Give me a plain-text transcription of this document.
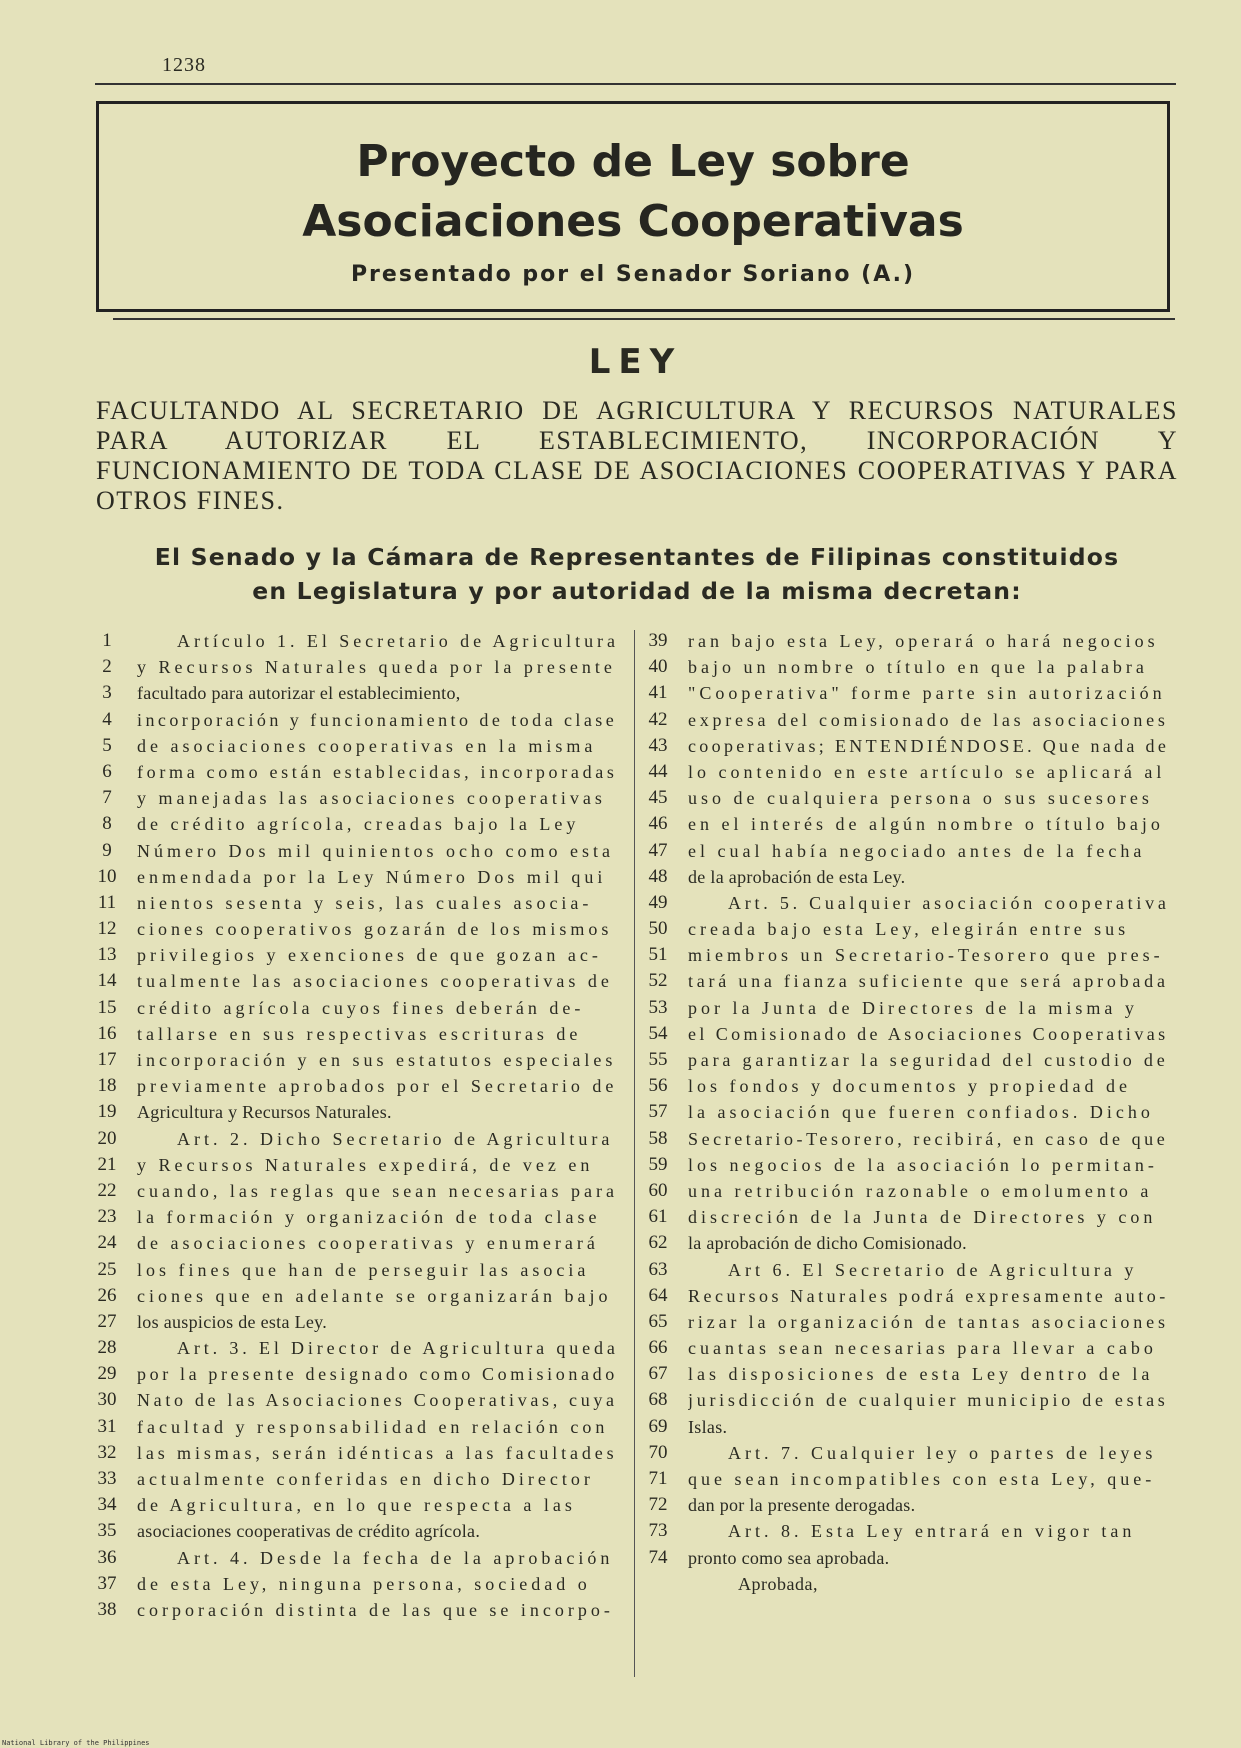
1238
Proyecto de Ley sobre
Asociaciones Cooperativas
Presentado por el Senador Soriano (A.)
LEY
FACULTANDO AL SECRETARIO DE AGRICULTURA Y RECURSOS NATURALES PARA AUTORIZAR EL ESTABLECIMIENTO, INCORPORACIÓN Y FUNCIONAMIENTO DE TODA CLASE DE ASOCIACIONES COOPERATIVAS Y PARA OTROS FINES.
El Senado y la Cámara de Representantes de Filipinas constituidos
en Legislatura y por autoridad de la misma decretan:
1	Artículo 1. El Secretario de Agricultura
2	y Recursos Naturales queda por la presente
3	facultado para autorizar el establecimiento,
4	incorporación y funcionamiento de toda clase
5	de asociaciones cooperativas en la misma
6	forma como están establecidas, incorporadas
7	y manejadas las asociaciones cooperativas
8	de crédito agrícola, creadas bajo la Ley
9	Número Dos mil quinientos ocho como esta
10	enmendada por la Ley Número Dos mil qui
11	nientos sesenta y seis, las cuales asocia-
12	ciones cooperativos gozarán de los mismos
13	privilegios y exenciones de que gozan ac-
14	tualmente las asociaciones cooperativas de
15	crédito agrícola cuyos fines deberán de-
16	tallarse en sus respectivas escrituras de
17	incorporación y en sus estatutos especiales
18	previamente aprobados por el Secretario de
19	Agricultura y Recursos Naturales.
20	Art. 2. Dicho Secretario de Agricultura
21	y Recursos Naturales expedirá, de vez en
22	cuando, las reglas que sean necesarias para
23	la formación y organización de toda clase
24	de asociaciones cooperativas y enumerará
25	los fines que han de perseguir las asocia
26	ciones que en adelante se organizarán bajo
27	los auspicios de esta Ley.
28	Art. 3. El Director de Agricultura queda
29	por la presente designado como Comisionado
30	Nato de las Asociaciones Cooperativas, cuya
31	facultad y responsabilidad en relación con
32	las mismas, serán idénticas a las facultades
33	actualmente conferidas en dicho Director
34	de Agricultura, en lo que respecta a las
35	asociaciones cooperativas de crédito agrícola.
36	Art. 4. Desde la fecha de la aprobación
37	de esta Ley, ninguna persona, sociedad o
38	corporación distinta de las que se incorpo-
39	ran bajo esta Ley, operará o hará negocios
40	bajo un nombre o título en que la palabra
41	"Cooperativa" forme parte sin autorización
42	expresa del comisionado de las asociaciones
43	cooperativas; ENTENDIÉNDOSE. Que nada de
44	lo contenido en este artículo se aplicará al
45	uso de cualquiera persona o sus sucesores
46	en el interés de algún nombre o título bajo
47	el cual había negociado antes de la fecha
48	de la aprobación de esta Ley.
49	Art. 5. Cualquier asociación cooperativa
50	creada bajo esta Ley, elegirán entre sus
51	miembros un Secretario-Tesorero que pres-
52	tará una fianza suficiente que será aprobada
53	por la Junta de Directores de la misma y
54	el Comisionado de Asociaciones Cooperativas
55	para garantizar la seguridad del custodio de
56	los fondos y documentos y propiedad de
57	la asociación que fueren confiados. Dicho
58	Secretario-Tesorero, recibirá, en caso de que
59	los negocios de la asociación lo permitan-
60	una retribución razonable o emolumento a
61	discreción de la Junta de Directores y con
62	la aprobación de dicho Comisionado.
63	Art 6. El Secretario de Agricultura y
64	Recursos Naturales podrá expresamente auto-
65	rizar la organización de tantas asociaciones
66	cuantas sean necesarias para llevar a cabo
67	las disposiciones de esta Ley dentro de la
68	jurisdicción de cualquier municipio de estas
69	Islas.
70	Art. 7. Cualquier ley o partes de leyes
71	que sean incompatibles con esta Ley, que-
72	dan por la presente derogadas.
73	Art. 8. Esta Ley entrará en vigor tan
74	pronto como sea aprobada.
Aprobada,
National Library of the Philippines
